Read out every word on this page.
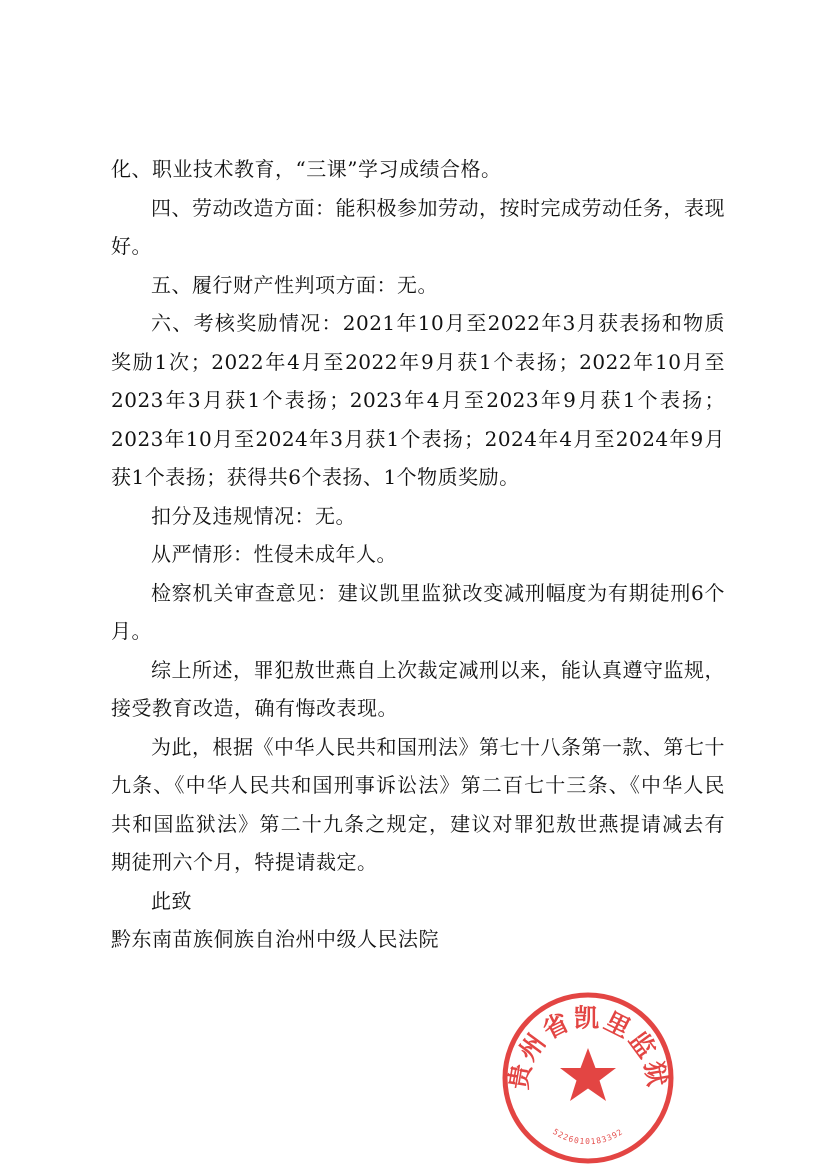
化、职业技术教育，“三课”学习成绩合格。

四、劳动改造方面：能积极参加劳动，按时完成劳动任务，表现好。

五、履行财产性判项方面：无。

六、考核奖励情况：2021年10月至2022年3月获表扬和物质奖励1次；2022年4月至2022年9月获1个表扬；2022年10月至2023年3月获1个表扬；2023年4月至2023年9月获1个表扬；2023年10月至2024年3月获1个表扬；2024年4月至2024年9月获1个表扬；获得共6个表扬、1个物质奖励。

扣分及违规情况：无。

从严情形：性侵未成年人。

检察机关审查意见：建议凯里监狱改变减刑幅度为有期徒刑6个月。

综上所述，罪犯敖世燕自上次裁定减刑以来，能认真遵守监规，接受教育改造，确有悔改表现。

为此，根据《中华人民共和国刑法》第七十八条第一款、第七十九条、《中华人民共和国刑事诉讼法》第二百七十三条、《中华人民共和国监狱法》第二十九条之规定，建议对罪犯敖世燕提请减去有期徒刑六个月，特提请裁定。

此致

黔东南苗族侗族自治州中级人民法院

贵州省凯里监狱
5226010183392
